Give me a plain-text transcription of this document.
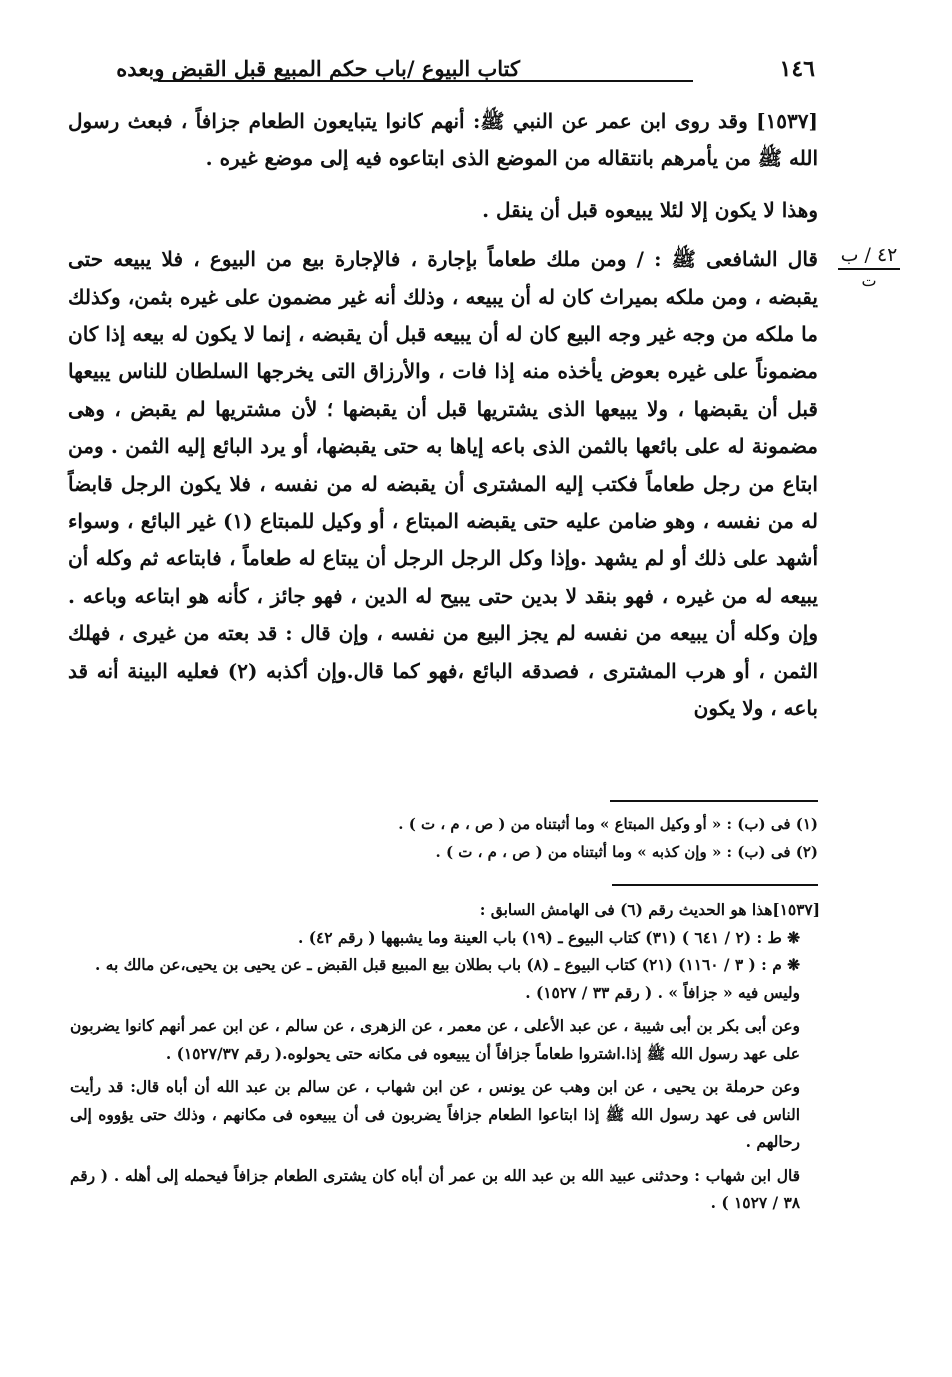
كتاب البيوع /باب حكم المبيع قبل القبض وبعده	١٤٦
٤٢ / ب
ت

[١٥٣٧] وقد روى ابن عمر عن النبي ﷺ: أنهم كانوا يتبايعون الطعام جزافاً ، فبعث رسول الله ﷺ من يأمرهم بانتقاله من الموضع الذى ابتاعوه فيه إلى موضع غيره .

وهذا لا يكون إلا لئلا يبيعوه قبل أن ينقل .

قال الشافعى ﷺ : / ومن ملك طعاماً بإجارة ، فالإجارة بيع من البيوع ، فلا يبيعه حتى يقبضه ، ومن ملكه بميراث كان له أن يبيعه ، وذلك أنه غير مضمون على غيره بثمن، وكذلك ما ملكه من وجه غير وجه البيع كان له أن يبيعه قبل أن يقبضه ، إنما لا يكون له بيعه إذا كان مضموناً على غيره بعوض يأخذه منه إذا فات ، والأرزاق التى يخرجها السلطان للناس يبيعها قبل أن يقبضها ، ولا يبيعها الذى يشتريها قبل أن يقبضها ؛ لأن مشتريها لم يقبض ، وهى مضمونة له على بائعها بالثمن الذى باعه إياها به حتى يقبضها، أو يرد البائع إليه الثمن . ومن ابتاع من رجل طعاماً فكتب إليه المشترى أن يقبضه له من نفسه ، فلا يكون الرجل قابضاً له من نفسه ، وهو ضامن عليه حتى يقبضه المبتاع ، أو وكيل للمبتاع (١) غير البائع ، وسواء أشهد على ذلك أو لم يشهد .وإذا وكل الرجل الرجل أن يبتاع له طعاماً ، فابتاعه ثم وكله أن يبيعه له من غيره ، فهو بنقد لا بدين حتى يبيح له الدين ، فهو جائز ، كأنه هو ابتاعه وباعه . وإن وكله أن يبيعه من نفسه لم يجز البيع من نفسه ، وإن قال : قد بعته من غيرى ، فهلك الثمن ، أو هرب المشترى ، فصدقه البائع ،فهو كما قال.وإن أكذبه (٢) فعليه البينة أنه قد باعه ، ولا يكون

(١) فى (ب) : « أو وكيل المبتاع » وما أثبتناه من ( ص ، م ، ت ) .
(٢) فى (ب) : « وإن كذبه » وما أثبتناه من ( ص ، م ، ت ) .
[١٥٣٧]هذا هو الحديث رقم (٦) فى الهامش السابق :
❋ ط : (٢ / ٦٤١ ) (٣١) كتاب البيوع ـ (١٩) باب العينة وما يشبهها ( رقم ٤٢) .
❋ م : ( ٣ / ١١٦٠) (٢١) كتاب البيوع ـ (٨) باب بطلان بيع المبيع قبل القبض ـ عن يحيى بن يحيى،عن مالك به .
وليس فيه « جزافاً » . ( رقم ٣٣ / ١٥٢٧) .
وعن أبى بكر بن أبى شيبة ، عن عبد الأعلى ، عن معمر ، عن الزهرى ، عن سالم ، عن ابن عمر أنهم كانوا يضربون على عهد رسول الله ﷺ إذا.اشتروا طعاماً جزافاً أن يبيعوه فى مكانه حتى يحولوه.( رقم ١٥٢٧/٣٧) .
وعن حرملة بن يحيى ، عن ابن وهب عن يونس ، عن ابن شهاب ، عن سالم بن عبد الله أن أباه قال: قد رأيت الناس فى عهد رسول الله ﷺ إذا ابتاعوا الطعام جزافاً يضربون فى أن يبيعوه فى مكانهم ، وذلك حتى يؤووه إلى رحالهم .
قال ابن شهاب : وحدثنى عبيد الله بن عبد الله بن عمر أن أباه كان يشترى الطعام جزافاً فيحمله إلى أهله . ( رقم ٣٨ / ١٥٢٧ ) .
